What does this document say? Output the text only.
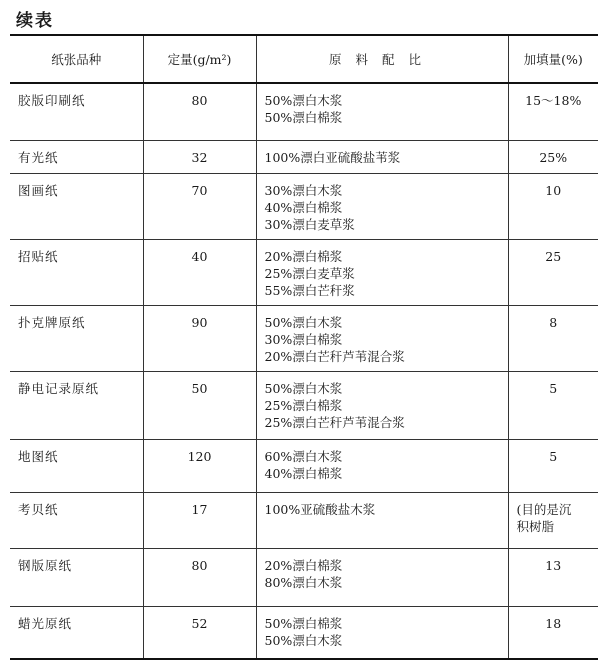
续表
纸张品种	定量(g/m²)	原料配比	加填量(%)
胶版印刷纸	80	50%漂白木浆
50%漂白棉浆	15～18%

有光纸	32	100%漂白亚硫酸盐苇浆	25%

图画纸	70	30%漂白木浆
40%漂白棉浆
30%漂白麦草浆	10

招贴纸	40	20%漂白棉浆
25%漂白麦草浆
55%漂白芒秆浆	25

扑克牌原纸	90	50%漂白木浆
30%漂白棉浆
20%漂白芒秆芦苇混合浆	8

静电记录原纸	50	50%漂白木浆
25%漂白棉浆
25%漂白芒秆芦苇混合浆	5

地图纸	120	60%漂白木浆
40%漂白棉浆	5

考贝纸	17	100%亚硫酸盐木浆	(目的是沉
积树脂

钢版原纸	80	20%漂白棉浆
80%漂白木浆	13

蜡光原纸	52	50%漂白棉浆
50%漂白木浆	18
